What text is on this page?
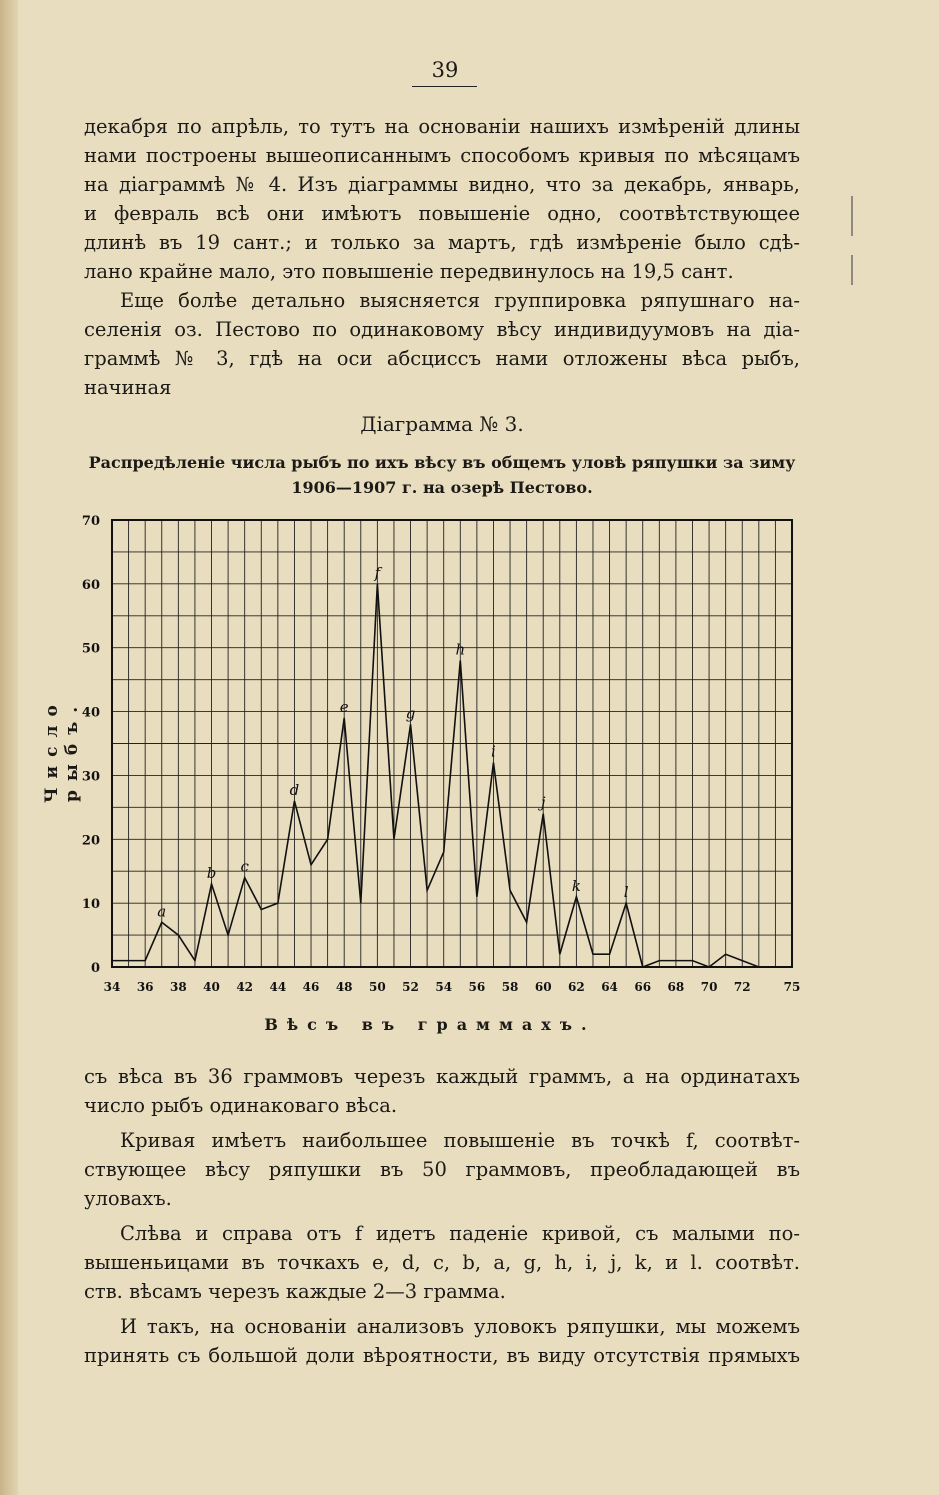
39

декабря по апрѣль, то тутъ на основаніи нашихъ измѣреній длины
нами построены вышеописаннымъ способомъ кривыя по мѣсяцамъ
на діаграммѣ № 4. Изъ діаграммы видно, что за декабрь, январь,
и февраль всѣ они имѣютъ повышеніе одно, соотвѣтствующее
длинѣ въ 19 сант.; и только за мартъ, гдѣ измѣреніе было сдѣ-
лано крайне мало, это повышеніе передвинулось на 19,5 сант.

Еще болѣе детально выясняется группировка ряпушнаго на-
селенія оз. Пестово по одинаковому вѣсу индивидуумовъ на діа-
граммѣ № 3, гдѣ на оси абсциссъ нами отложены вѣса рыбъ, начиная

Діаграмма № 3.
Распредѣленіе числа рыбъ по ихъ вѣсу въ общемъ уловѣ ряпушки за зиму
1906—1907 г. на озерѣ Пестово.
Число рыбъ.
0
10
20
30
40
50
60
70
34 36 38 40 42 44 46 48 50 52 54 56 58 60 62 64 66 68 70 72	75
a
b c
d
e
f
g
h
i
j
k	l
Вѣсъ въ граммахъ.

съ вѣса въ 36 граммовъ черезъ каждый граммъ, а на ординатахъ
число рыбъ одинаковаго вѣса.

Кривая имѣетъ наибольшее повышеніе въ точкѣ f, соотвѣт-
ствующее вѣсу ряпушки въ 50 граммовъ, преобладающей въ
уловахъ.

Слѣва и справа отъ f идетъ паденіе кривой, съ малыми по-
вышеньицами въ точкахъ e, d, c, b, a, g, h, i, j, k, и l. соотвѣт.
ств. вѣсамъ черезъ каждые 2—3 грамма.

И такъ, на основаніи анализовъ уловокъ ряпушки, мы можемъ
принять съ большой доли вѣроятности, въ виду отсутствія прямыхъ
